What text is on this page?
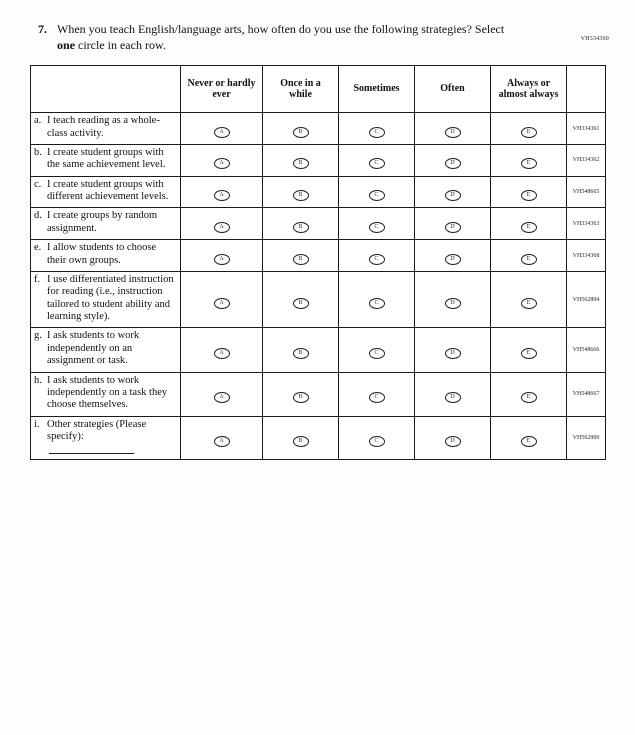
VH334360
7. When you teach English/language arts, how often do you use the following strategies? Select one circle in each row.
	Never or hardly ever	Once in a while	Sometimes	Often	Always or almost always	
a. I teach reading as a whole-class activity.	A	B	C	D	E	VH334361
b. I create student groups with the same achievement level.	A	B	C	D	E	VH334362
c. I create student groups with different achievement levels.	A	B	C	D	E	VH548665
d. I create groups by random assignment.	A	B	C	D	E	VH334363
e. I allow students to choose their own groups.	A	B	C	D	E	VH334368
f. I use differentiated instruction for reading (i.e., instruction tailored to student ability and learning style).	A	B	C	D	E	VH562894
g. I ask students to work independently on an assignment or task.	A	B	C	D	E	VH548666
h. I ask students to work independently on a task they choose themselves.	A	B	C	D	E	VH548667
i. Other strategies (Please specify):	A	B	C	D	E	VH562900
